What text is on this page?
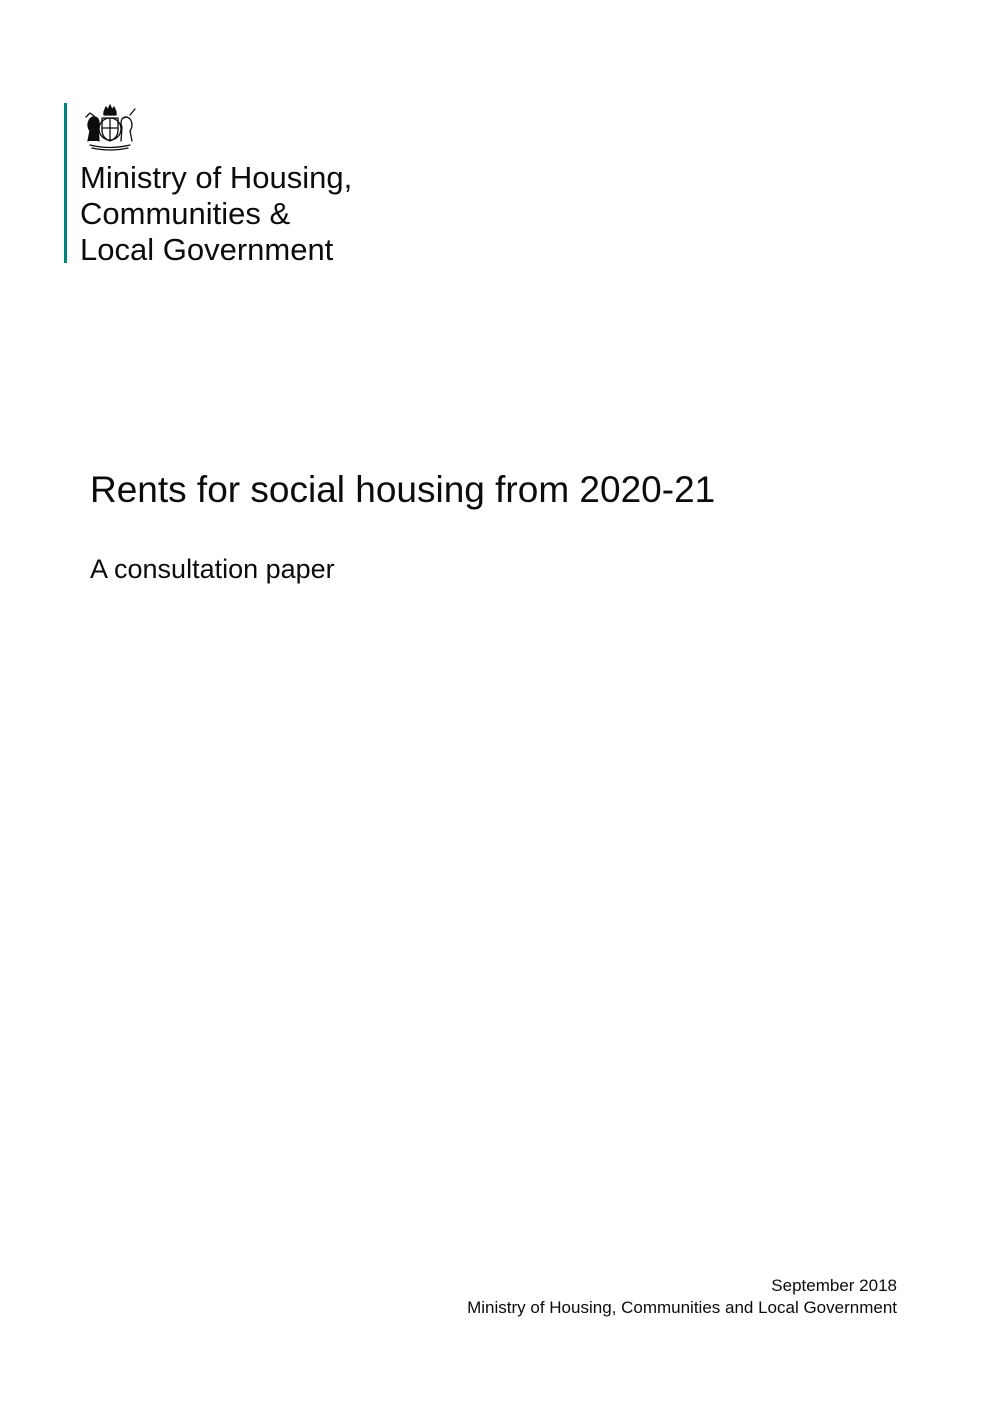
Ministry of Housing,
Communities &
Local Government
Rents for social housing from 2020-21

A consultation paper

September 2018
Ministry of Housing, Communities and Local Government
